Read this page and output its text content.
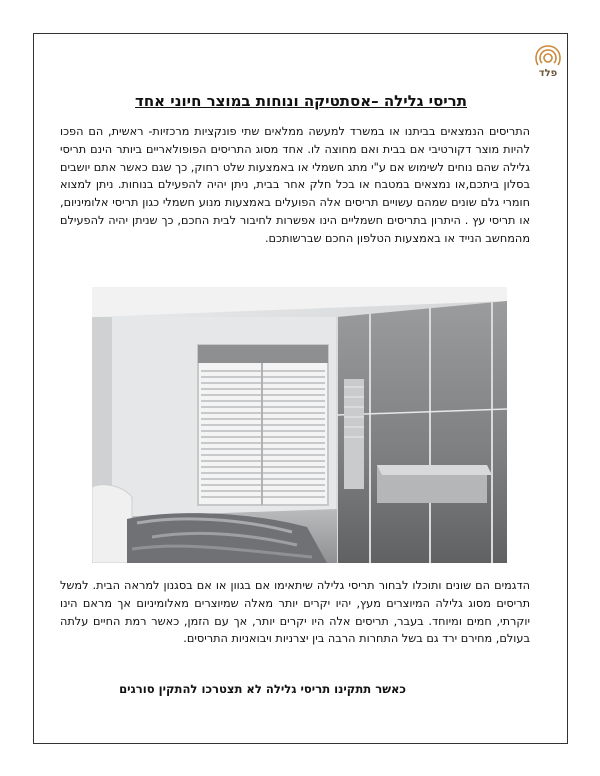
פלד
תריסי גלילה –אסתטיקה ונוחות במוצר חיוני אחד
התריסים הנמצאים בביתנו או במשרד למעשה ממלאים שתי פונקציות מרכזיות- ראשית, הם הפכו להיות מוצר דקורטיבי אם בבית ואם מחוצה לו. אחד מסוג התריסים הפופולאריים ביותר הינם תריסי גלילה שהם נוחים לשימוש אם ע"י מתג חשמלי או באמצעות שלט רחוק, כך שגם כאשר אתם יושבים בסלון ביתכם,או נמצאים במטבח או בכל חלק אחר בבית, ניתן יהיה להפעילם בנוחות. ניתן למצוא חומרי גלם שונים שמהם עשויים תריסים אלה הפועלים באמצעות מנוע חשמלי כגון תריסי אלומיניום, או תריסי עץ . היתרון בתריסים חשמליים הינו אפשרות לחיבור לבית החכם, כך שניתן יהיה להפעילם מהמחשב הנייד או באמצעות הטלפון החכם שברשותכם.
הדגמים הם שונים ותוכלו לבחור תריסי גלילה שיתאימו אם בגוון או אם בסגנון למראה הבית. למשל תריסים מסוג גלילה המיוצרים מעץ, יהיו יקרים יותר מאלה שמיוצרים מאלומיניום אך מראם הינו יוקרתי, חמים ומיוחד. בעבר, תריסים אלה היו יקרים יותר, אך עם הזמן, כאשר רמת החיים עלתה בעולם, מחירם ירד גם בשל התחרות הרבה בין יצרניות ויבואניות התריסים.
כאשר תתקינו תריסי גלילה לא תצטרכו להתקין סורגים
